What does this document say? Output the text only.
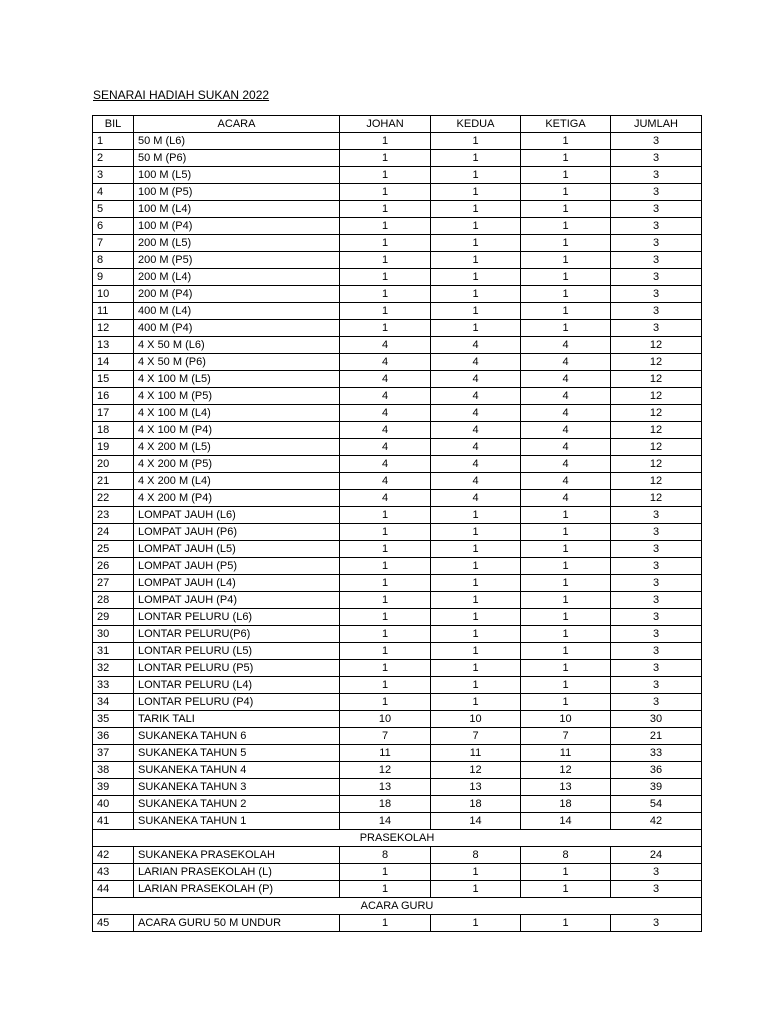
SENARAI HADIAH SUKAN 2022
BIL	ACARA	JOHAN	KEDUA	KETIGA	JUMLAH
1	50 M (L6)	1	1	1	3
2	50 M (P6)	1	1	1	3
3	100 M (L5)	1	1	1	3
4	100 M (P5)	1	1	1	3
5	100 M (L4)	1	1	1	3
6	100 M (P4)	1	1	1	3
7	200 M (L5)	1	1	1	3
8	200 M (P5)	1	1	1	3
9	200 M (L4)	1	1	1	3
10	200 M (P4)	1	1	1	3
11	400 M (L4)	1	1	1	3
12	400 M (P4)	1	1	1	3
13	4 X 50 M (L6)	4	4	4	12
14	4 X 50 M (P6)	4	4	4	12
15	4 X 100 M (L5)	4	4	4	12
16	4 X 100 M (P5)	4	4	4	12
17	4 X 100 M (L4)	4	4	4	12
18	4 X 100 M (P4)	4	4	4	12
19	4 X 200 M (L5)	4	4	4	12
20	4 X 200 M (P5)	4	4	4	12
21	4 X 200 M (L4)	4	4	4	12
22	4 X 200 M (P4)	4	4	4	12
23	LOMPAT JAUH (L6)	1	1	1	3
24	LOMPAT JAUH (P6)	1	1	1	3
25	LOMPAT JAUH (L5)	1	1	1	3
26	LOMPAT JAUH (P5)	1	1	1	3
27	LOMPAT JAUH (L4)	1	1	1	3
28	LOMPAT JAUH (P4)	1	1	1	3
29	LONTAR PELURU (L6)	1	1	1	3
30	LONTAR PELURU(P6)	1	1	1	3
31	LONTAR PELURU (L5)	1	1	1	3
32	LONTAR PELURU (P5)	1	1	1	3
33	LONTAR PELURU (L4)	1	1	1	3
34	LONTAR PELURU (P4)	1	1	1	3
35	TARIK TALI	10	10	10	30
36	SUKANEKA TAHUN 6	7	7	7	21
37	SUKANEKA TAHUN 5	11	11	11	33
38	SUKANEKA TAHUN 4	12	12	12	36
39	SUKANEKA TAHUN 3	13	13	13	39
40	SUKANEKA TAHUN 2	18	18	18	54
41	SUKANEKA TAHUN 1	14	14	14	42
PRASEKOLAH					
42	SUKANEKA PRASEKOLAH	8	8	8	24
43	LARIAN PRASEKOLAH (L)	1	1	1	3
44	LARIAN PRASEKOLAH (P)	1	1	1	3
ACARA GURU					
45	ACARA GURU 50 M UNDUR	1	1	1	3
